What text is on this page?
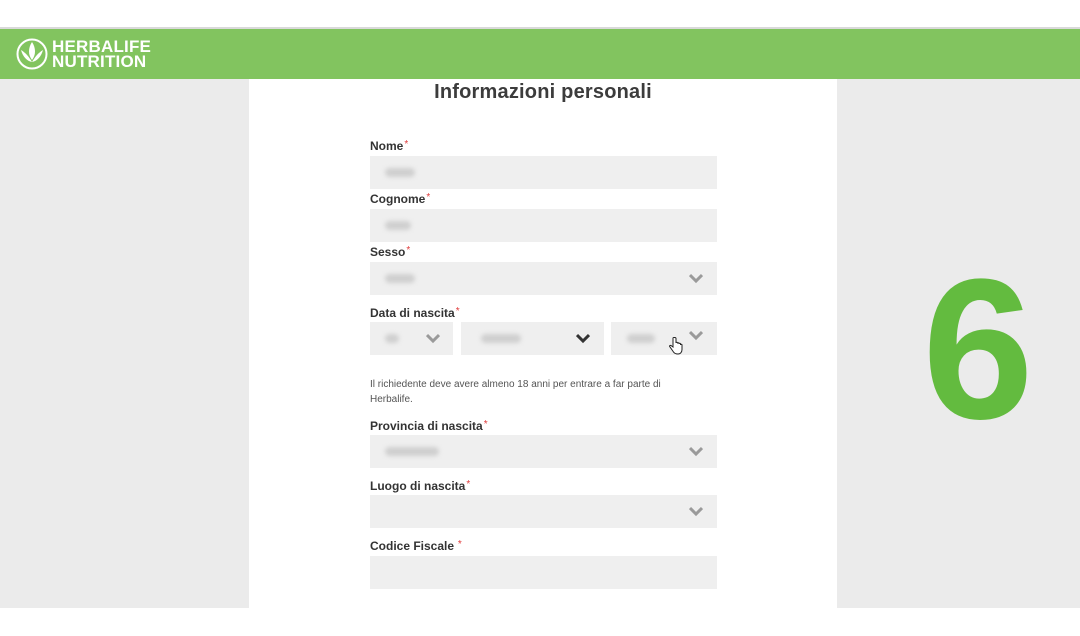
HERBALIFE
NUTRITION
Informazioni personali
Nome*
Cognome*
Sesso*
Data di nascita*
Il richiedente deve avere almeno 18 anni per entrare a far parte di Herbalife.
Provincia di nascita*
Luogo di nascita*
Codice Fiscale *
6
